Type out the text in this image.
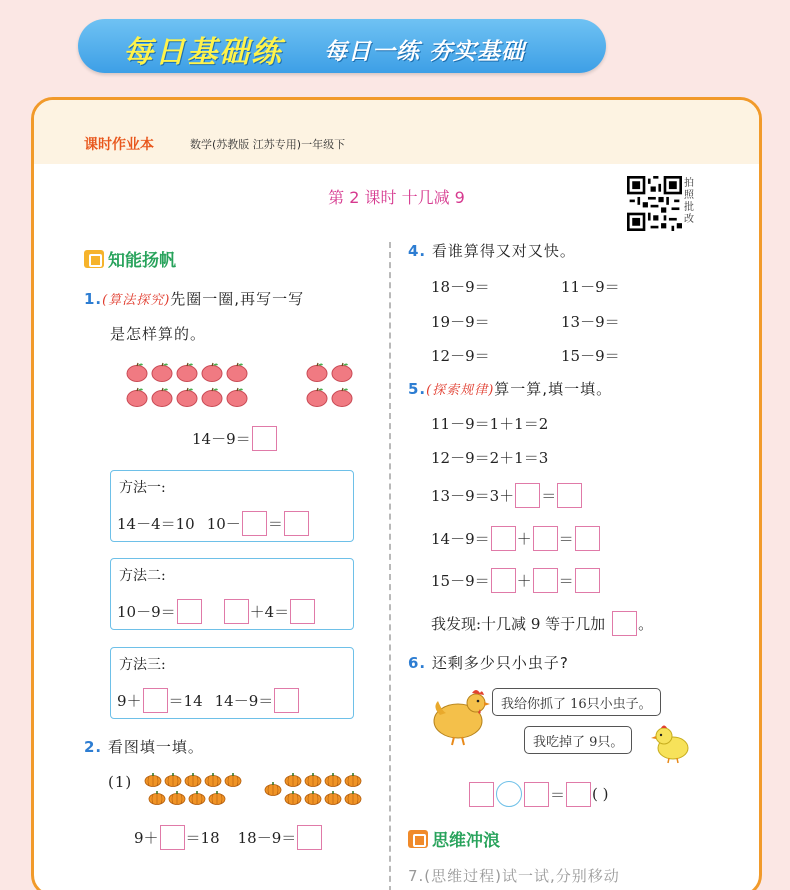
每日基础练 每日一练 夯实基础
课时作业本	数学(苏教版 江苏专用)一年级下
第 2 课时 十几减 9
拍照批改
知能扬帆
1.(算法探究)先圈一圈,再写一写
是怎样算的。
14－9＝
方法一:
14－4＝10 10－ ＝
方法二:
10－9＝	＋4＝
方法三:
9＋ ＝14 14－9＝
2. 看图填一填。
(1)
9＋ ＝18 18－9＝
4. 看谁算得又对又快。
18－9＝	11－9＝
19－9＝	13－9＝
12－9＝	15－9＝
5.(探索规律)算一算,填一填。
11－9＝1＋1＝2
12－9＝2＋1＝3
13－9＝3＋ ＝
14－9＝ ＋ ＝
15－9＝ ＋ ＝
我发现:十几减 9 等于几加 。
6. 还剩多少只小虫子?
我给你抓了 16只小虫子。
我吃掉了 9只。
＝ ( )
思维冲浪
7.(思维过程)试一试,分别移动
